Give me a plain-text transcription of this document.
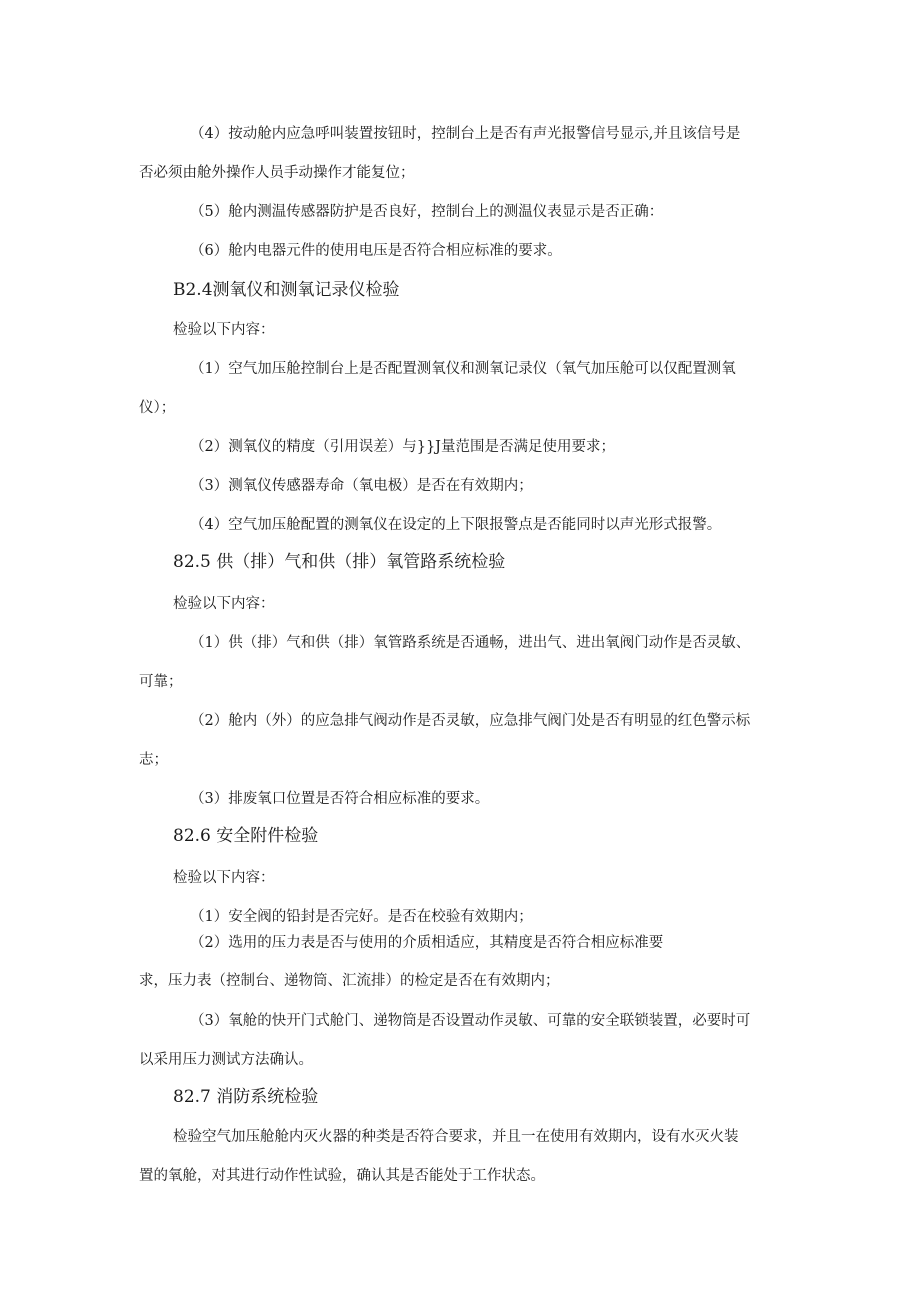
（4）按动舱内应急呼叫装置按钮时，控制台上是否有声光报警信号显示,并且该信号是
否必须由舱外操作人员手动操作才能复位；
（5）舱内测温传感器防护是否良好，控制台上的测温仪表显示是否正确：
（6）舱内电器元件的使用电压是否符合相应标准的要求。
B2.4测氧仪和测氧记录仪检验
检验以下内容：
（1）空气加压舱控制台上是否配置测氧仪和测氧记录仪（氧气加压舱可以仅配置测氧
仪）；
（2）测氧仪的精度（引用误差）与}}J量范围是否满足使用要求；
（3）测氧仪传感器寿命（氧电极）是否在有效期内；
（4）空气加压舱配置的测氧仪在设定的上下限报警点是否能同时以声光形式报警。
82.5 供（排）气和供（排）氧管路系统检验
检验以下内容：
（1）供（排）气和供（排）氧管路系统是否通畅，进出气、进出氧阀门动作是否灵敏、
可靠；
（2）舱内（外）的应急排气阀动作是否灵敏，应急排气阀门处是否有明显的红色警示标
志；
（3）排废氧口位置是否符合相应标准的要求。
82.6 安全附件检验
检验以下内容：
（1）安全阀的铅封是否完好。是否在校验有效期内；
（2）选用的压力表是否与使用的介质相适应，其精度是否符合相应标准要
求，压力表（控制台、递物筒、汇流排）的检定是否在有效期内；
（3）氧舱的快开门式舱门、递物筒是否设置动作灵敏、可靠的安全联锁装置，必要时可
以采用压力测试方法确认。
82.7 消防系统检验
检验空气加压舱舱内灭火器的种类是否符合要求，并且一在使用有效期内，设有水灭火装
置的氧舱，对其进行动作性试验，确认其是否能处于工作状态。
